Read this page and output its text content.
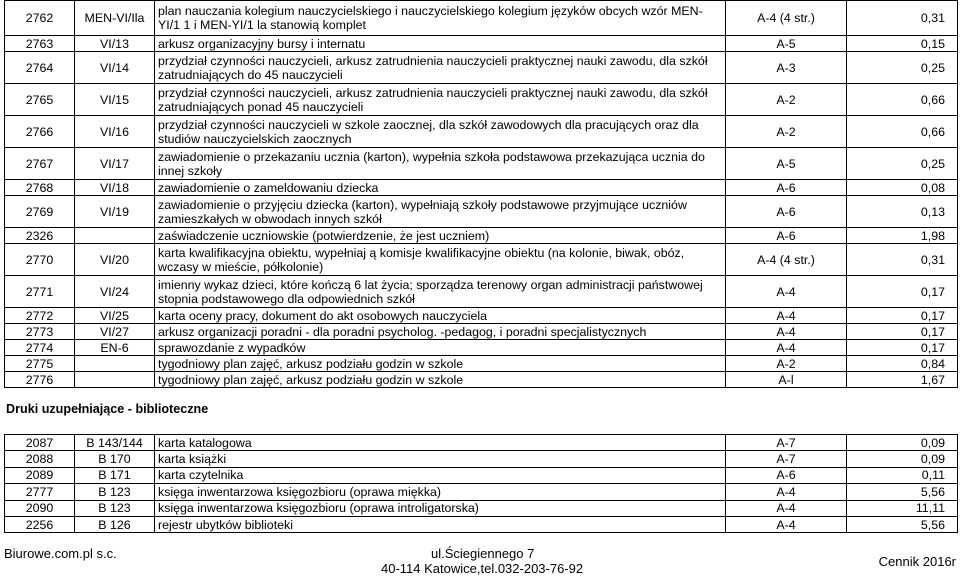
2762	MEN-VI/Ila	plan nauczania kolegium nauczycielskiego i nauczycielskiego kolegium języków obcych wzór MEN-YI/1 1 i MEN-YI/1 la stanowią komplet	A-4 (4 str.)	0,31
2763	VI/13	arkusz organizacyjny bursy i internatu	A-5	0,15
2764	VI/14	przydział czynności nauczycieli, arkusz zatrudnienia nauczycieli praktycznej nauki zawodu, dla szkół zatrudniających do 45 nauczycieli	A-3	0,25
2765	VI/15	przydział czynności nauczycieli, arkusz zatrudnienia nauczycieli praktycznej nauki zawodu, dla szkół zatrudniających ponad 45 nauczycieli	A-2	0,66
2766	VI/16	przydział czynności nauczycieli w szkole zaocznej, dla szkół zawodowych dla pracujących oraz dla studiów nauczycielskich zaocznych	A-2	0,66
2767	VI/17	zawiadomienie o przekazaniu ucznia (karton), wypełnia szkoła podstawowa przekazująca ucznia do innej szkoły	A-5	0,25
2768	VI/18	zawiadomienie o zameldowaniu dziecka	A-6	0,08
2769	VI/19	zawiadomienie o przyjęciu dziecka (karton), wypełniają szkoły podstawowe przyjmujące uczniów zamieszkałych w obwodach innych szkół	A-6	0,13
2326		zaświadczenie uczniowskie (potwierdzenie, że jest uczniem)	A-6	1,98
2770	VI/20	karta kwalifikacyjna obiektu, wypełniaj ą komisje kwalifikacyjne obiektu (na kolonie, biwak, obóz, wczasy w mieście, półkolonie)	A-4 (4 str.)	0,31
2771	VI/24	imienny wykaz dzieci, które kończą 6 lat życia; sporządza terenowy organ administracji państwowej stopnia podstawowego dla odpowiednich szkół	A-4	0,17
2772	VI/25	karta oceny pracy, dokument do akt osobowych nauczyciela	A-4	0,17
2773	VI/27	arkusz organizacji poradni - dla poradni psycholog. -pedagog, i poradni specjalistycznych	A-4	0,17
2774	EN-6	sprawozdanie z wypadków	A-4	0,17
2775		tygodniowy plan zajęć, arkusz podziału godzin w szkole	A-2	0,84
2776		tygodniowy plan zajęć, arkusz podziału godzin w szkole	A-l	1,67
Druki uzupełniające - biblioteczne
2087	B 143/144	karta katalogowa	A-7	0,09
2088	B 170	karta książki	A-7	0,09
2089	B 171	karta czytelnika	A-6	0,11
2777	B 123	księga inwentarzowa księgozbioru (oprawa miękka)	A-4	5,56
2090	B 123	księga inwentarzowa księgozbioru (oprawa introligatorska)	A-4	11,11
2256	B 126	rejestr ubytków biblioteki	A-4	5,56
Biurowe.com.pl s.c.	ul.Ściegiennego 7
40-114 Katowice,tel.032-203-76-92	Cennik 2016r
